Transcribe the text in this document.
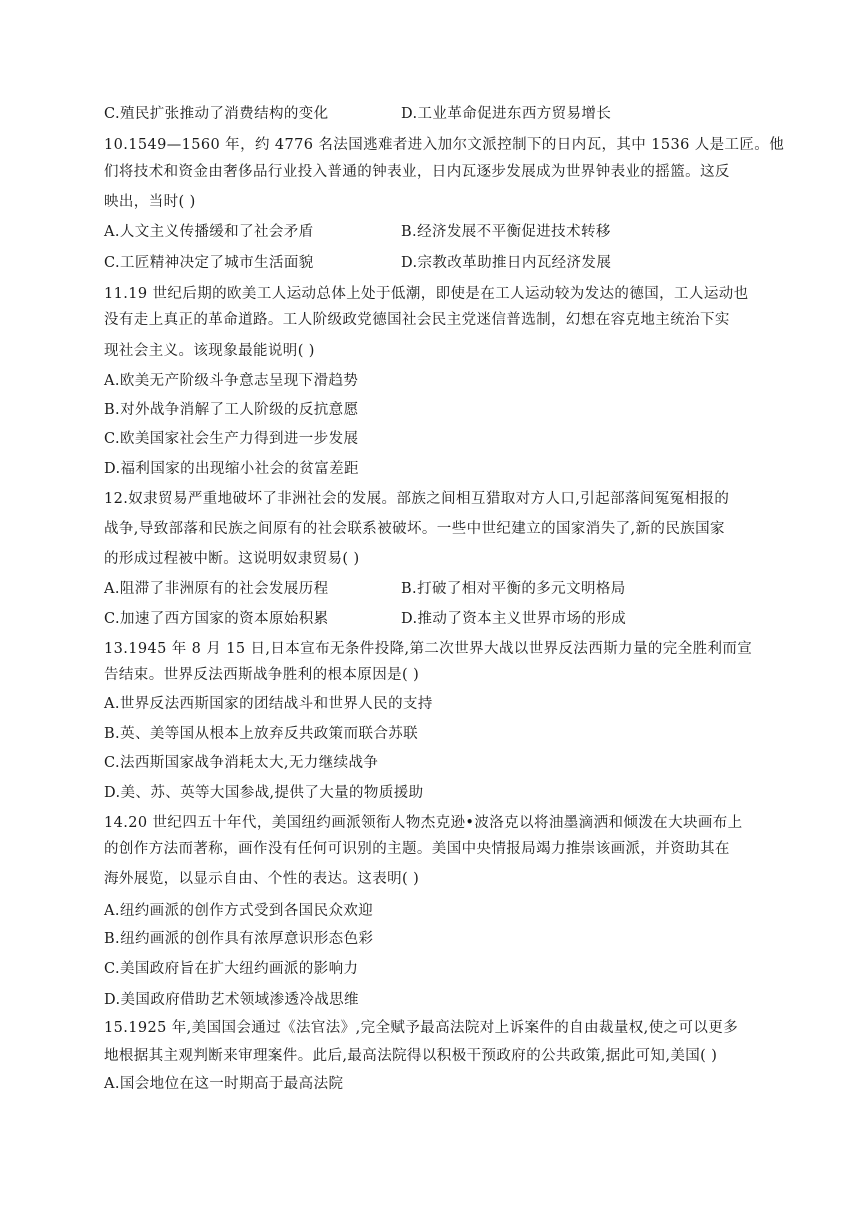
C.殖民扩张推动了消费结构的变化	D.工业革命促进东西方贸易增长
10.1549—1560 年，约 4776 名法国逃难者进入加尔文派控制下的日内瓦，其中 1536 人是工匠。他
们将技术和资金由奢侈品行业投入普通的钟表业，日内瓦逐步发展成为世界钟表业的摇篮。这反
映出，当时( )
A.人文主义传播缓和了社会矛盾	B.经济发展不平衡促进技术转移
C.工匠精神决定了城市生活面貌	D.宗教改革助推日内瓦经济发展
11.19 世纪后期的欧美工人运动总体上处于低潮，即使是在工人运动较为发达的德国，工人运动也
没有走上真正的革命道路。工人阶级政党德国社会民主党迷信普选制，幻想在容克地主统治下实
现社会主义。该现象最能说明( )
A.欧美无产阶级斗争意志呈现下滑趋势
B.对外战争消解了工人阶级的反抗意愿
C.欧美国家社会生产力得到进一步发展
D.福利国家的出现缩小社会的贫富差距
12.奴隶贸易严重地破坏了非洲社会的发展。部族之间相互猎取对方人口,引起部落间冤冤相报的
战争,导致部落和民族之间原有的社会联系被破坏。一些中世纪建立的国家消失了,新的民族国家
的形成过程被中断。这说明奴隶贸易( )
A.阻滞了非洲原有的社会发展历程	B.打破了相对平衡的多元文明格局
C.加速了西方国家的资本原始积累	D.推动了资本主义世界市场的形成
13.1945 年 8 月 15 日,日本宣布无条件投降,第二次世界大战以世界反法西斯力量的完全胜利而宣
告结束。世界反法西斯战争胜利的根本原因是( )
A.世界反法西斯国家的团结战斗和世界人民的支持
B.英、美等国从根本上放弃反共政策而联合苏联
C.法西斯国家战争消耗太大,无力继续战争
D.美、苏、英等大国参战,提供了大量的物质援助
14.20 世纪四五十年代，美国纽约画派领衔人物杰克逊•波洛克以将油墨滴洒和倾泼在大块画布上
的创作方法而著称，画作没有任何可识别的主题。美国中央情报局竭力推崇该画派，并资助其在
海外展览，以显示自由、个性的表达。这表明( )
A.纽约画派的创作方式受到各国民众欢迎
B.纽约画派的创作具有浓厚意识形态色彩
C.美国政府旨在扩大纽约画派的影响力
D.美国政府借助艺术领域渗透冷战思维
15.1925 年,美国国会通过《法官法》,完全赋予最高法院对上诉案件的自由裁量权,使之可以更多
地根据其主观判断来审理案件。此后,最高法院得以积极干预政府的公共政策,据此可知,美国( )
A.国会地位在这一时期高于最高法院
